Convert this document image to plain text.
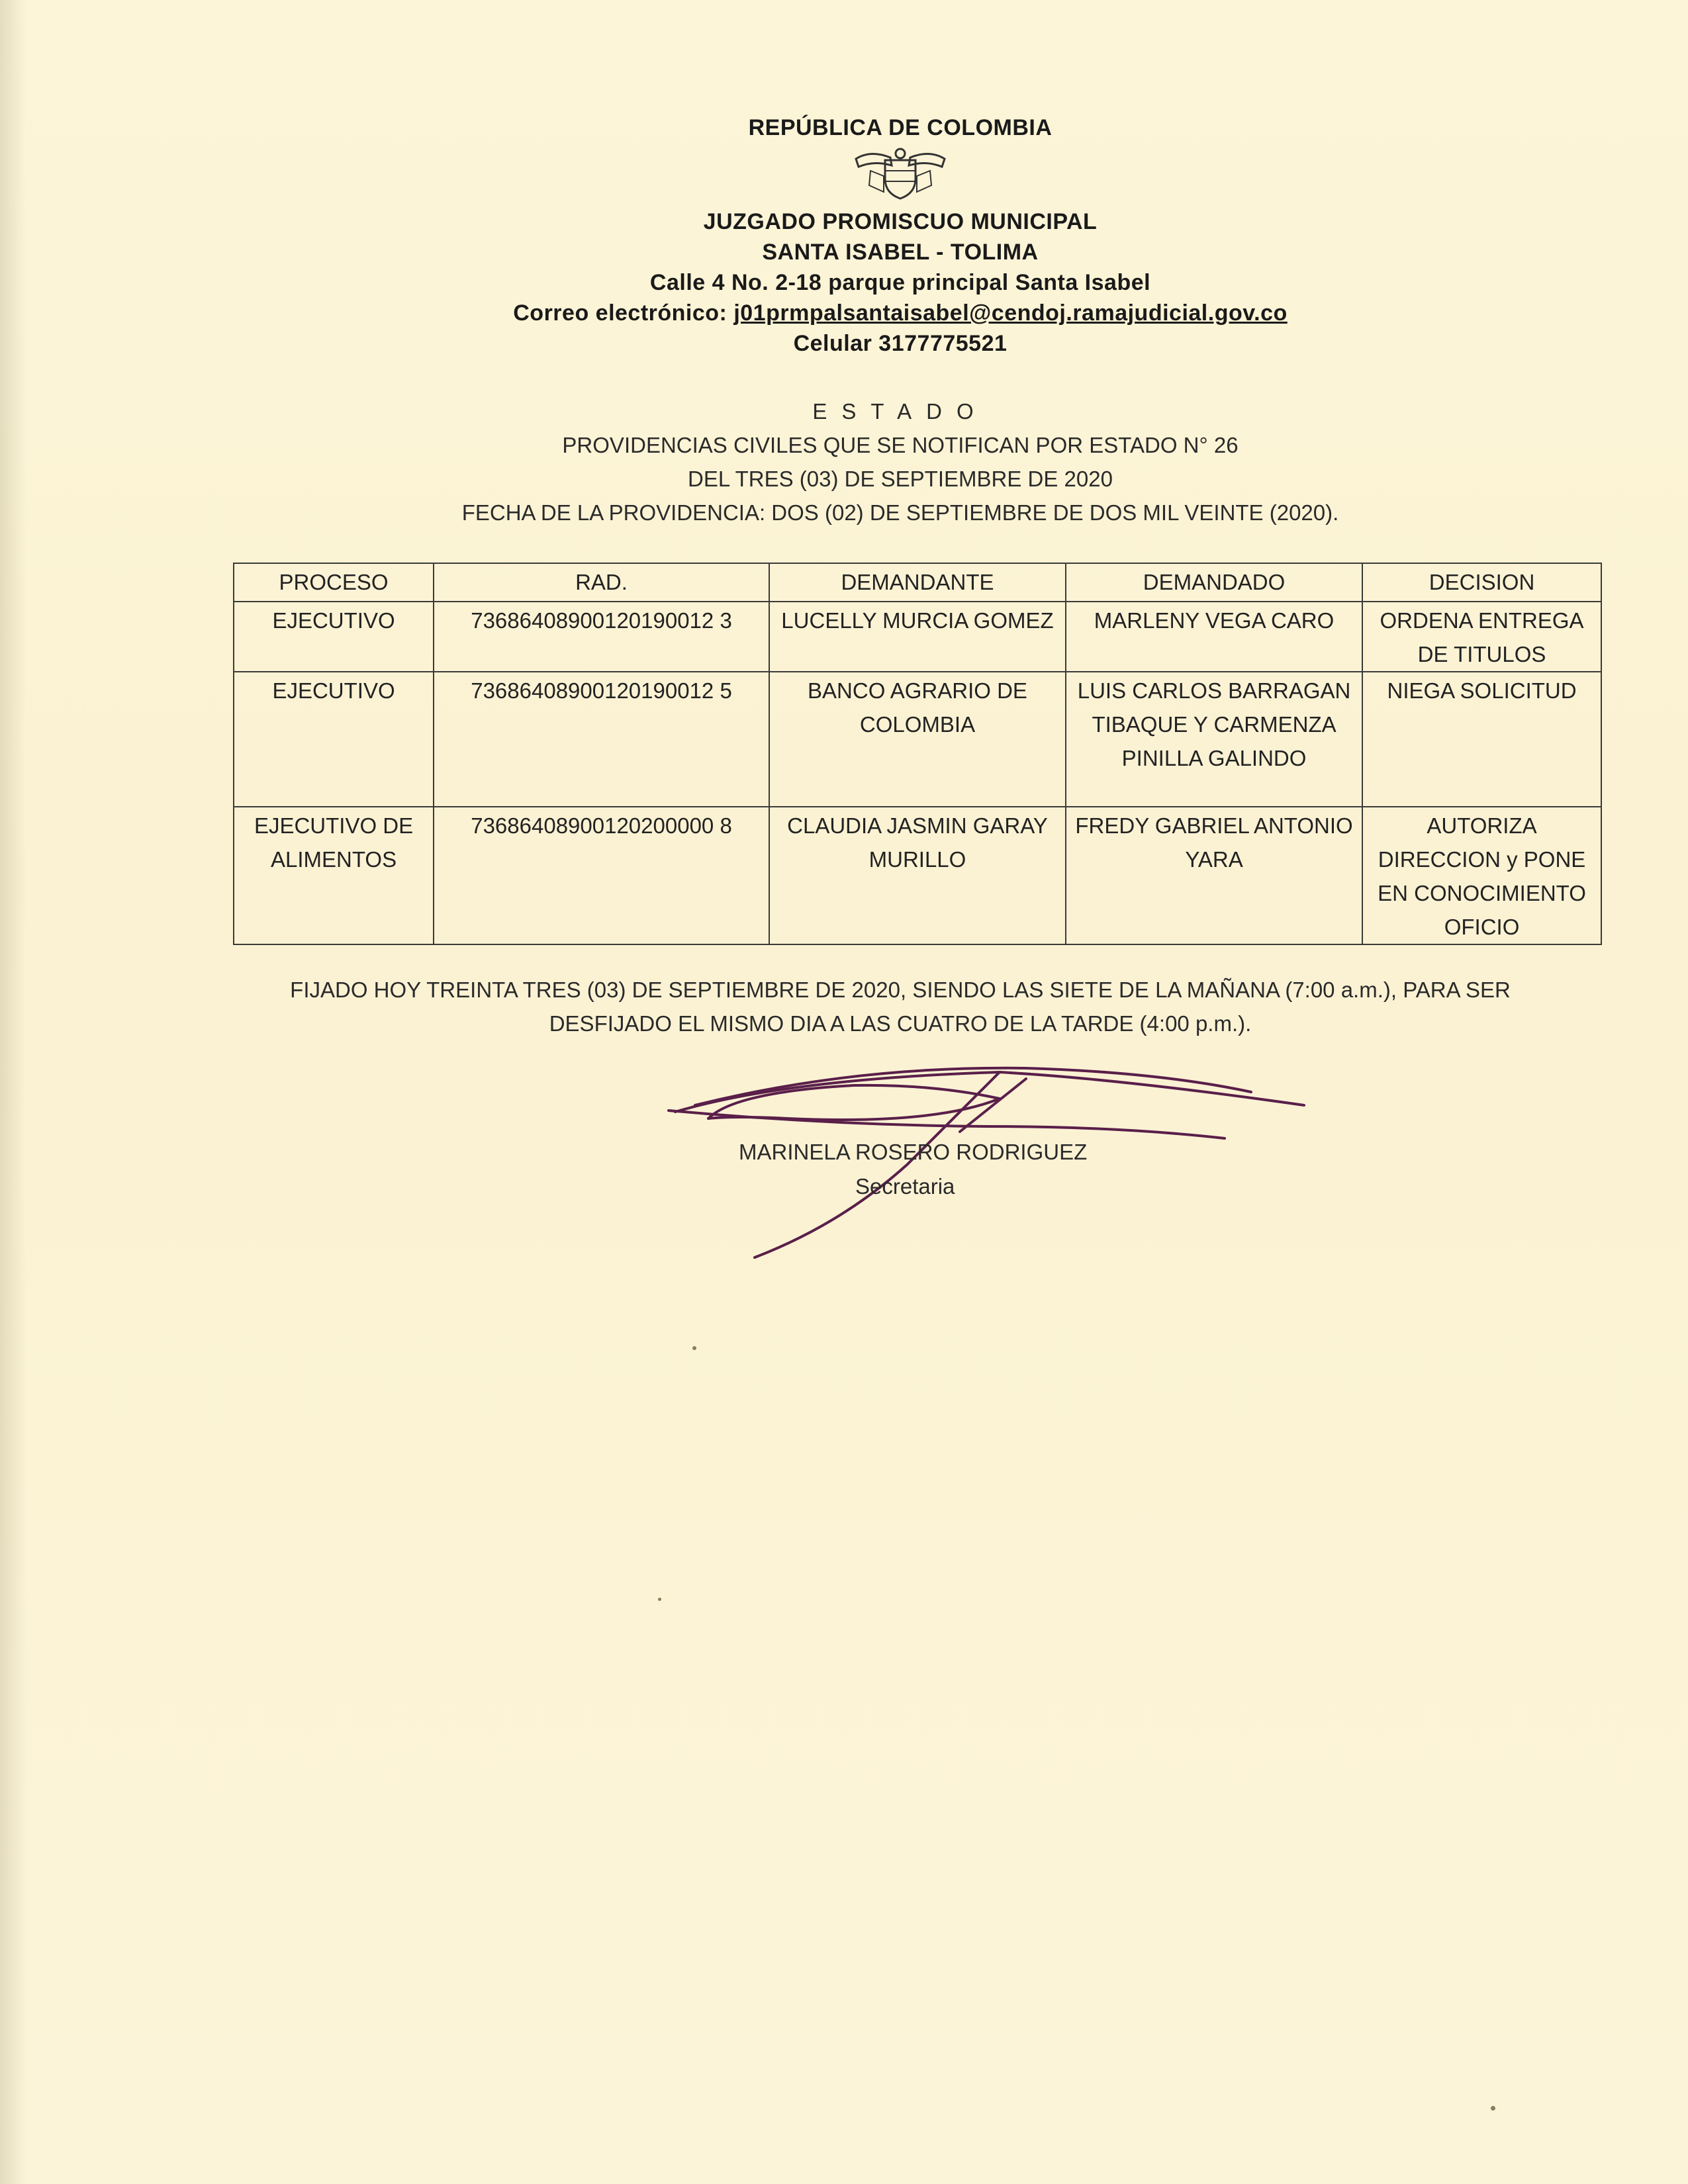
REPÚBLICA DE COLOMBIA
JUZGADO PROMISCUO MUNICIPAL
SANTA ISABEL - TOLIMA
Calle 4 No. 2-18 parque principal Santa Isabel
Correo electrónico: j01prmpalsantaisabel@cendoj.ramajudicial.gov.co
Celular 3177775521
ESTADO
PROVIDENCIAS CIVILES QUE SE NOTIFICAN POR ESTADO N° 26
DEL TRES (03) DE SEPTIEMBRE DE 2020
FECHA DE LA PROVIDENCIA: DOS (02) DE SEPTIEMBRE DE DOS MIL VEINTE (2020).
PROCESO	RAD.	DEMANDANTE	DEMANDADO	DECISION
EJECUTIVO	73686408900120190012 3	LUCELLY MURCIA GOMEZ	MARLENY VEGA CARO	ORDENA ENTREGA DE TITULOS
EJECUTIVO	73686408900120190012 5	BANCO AGRARIO DE COLOMBIA	LUIS CARLOS BARRAGAN TIBAQUE Y CARMENZA PINILLA GALINDO	NIEGA SOLICITUD
EJECUTIVO DE ALIMENTOS	73686408900120200000 8	CLAUDIA JASMIN GARAY MURILLO	FREDY GABRIEL ANTONIO YARA	AUTORIZA DIRECCION y PONE EN CONOCIMIENTO OFICIO
FIJADO HOY TREINTA TRES (03) DE SEPTIEMBRE DE 2020, SIENDO LAS SIETE DE LA MAÑANA (7:00 a.m.), PARA SER
DESFIJADO EL MISMO DIA A LAS CUATRO DE LA TARDE (4:00 p.m.).
MARINELA ROSERO RODRIGUEZ
Secretaria
